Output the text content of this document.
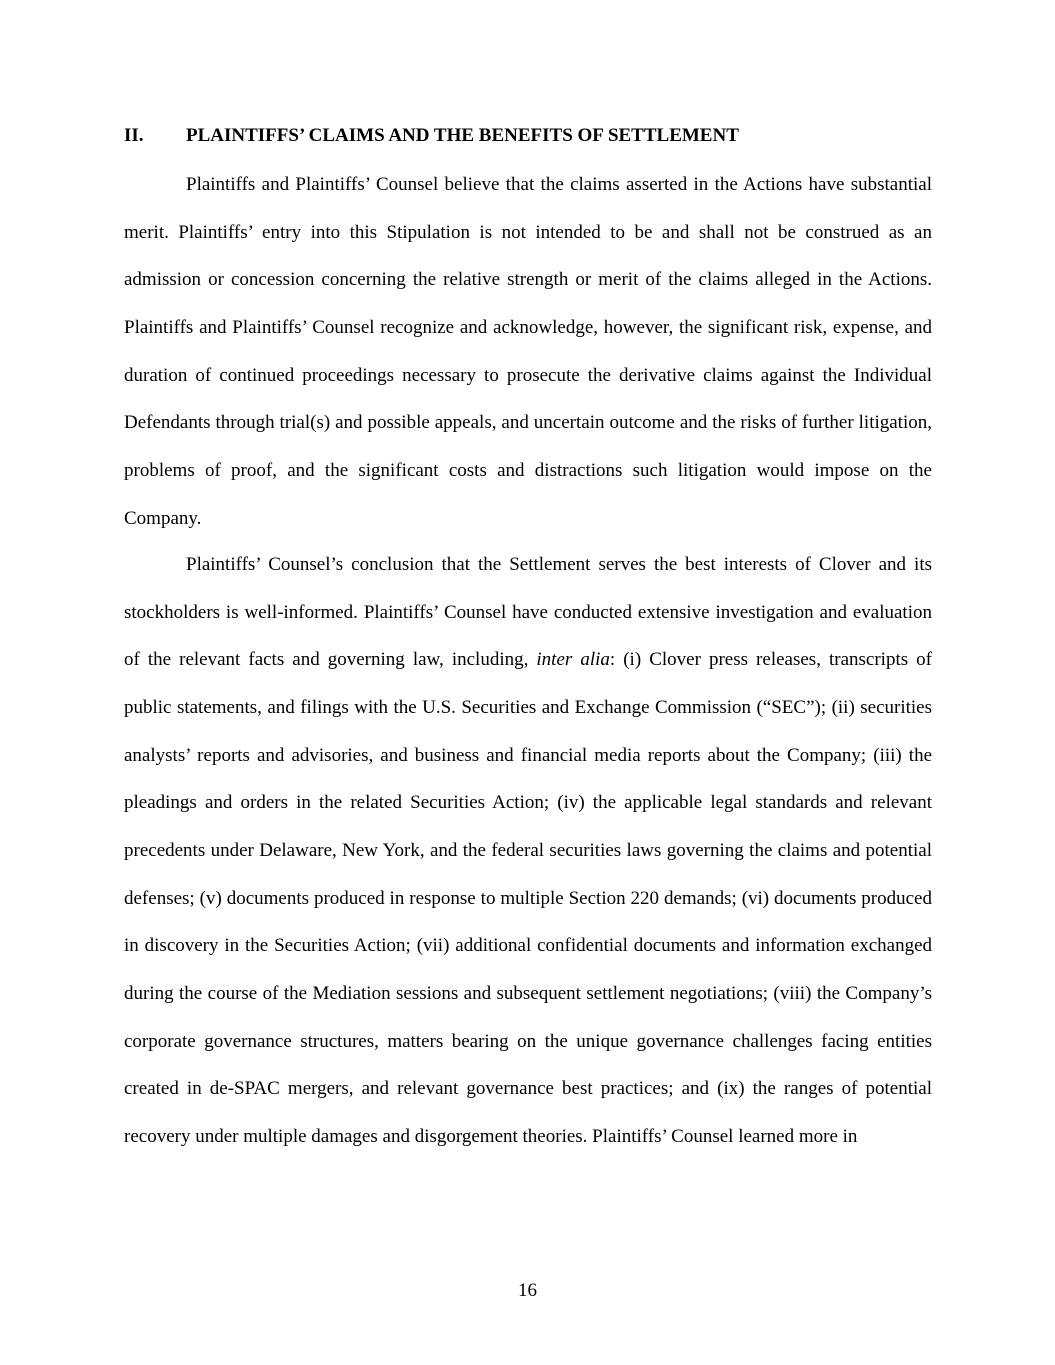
II. PLAINTIFFS’ CLAIMS AND THE BENEFITS OF SETTLEMENT

Plaintiffs and Plaintiffs’ Counsel believe that the claims asserted in the Actions have substantial merit. Plaintiffs’ entry into this Stipulation is not intended to be and shall not be construed as an admission or concession concerning the relative strength or merit of the claims alleged in the Actions. Plaintiffs and Plaintiffs’ Counsel recognize and acknowledge, however, the significant risk, expense, and duration of continued proceedings necessary to prosecute the derivative claims against the Individual Defendants through trial(s) and possible appeals, and uncertain outcome and the risks of further litigation, problems of proof, and the significant costs and distractions such litigation would impose on the Company.

Plaintiffs’ Counsel’s conclusion that the Settlement serves the best interests of Clover and its stockholders is well-informed. Plaintiffs’ Counsel have conducted extensive investigation and evaluation of the relevant facts and governing law, including, inter alia: (i) Clover press releases, transcripts of public statements, and filings with the U.S. Securities and Exchange Commission (“SEC”); (ii) securities analysts’ reports and advisories, and business and financial media reports about the Company; (iii) the pleadings and orders in the related Securities Action; (iv) the applicable legal standards and relevant precedents under Delaware, New York, and the federal securities laws governing the claims and potential defenses; (v) documents produced in response to multiple Section 220 demands; (vi) documents produced in discovery in the Securities Action; (vii) additional confidential documents and information exchanged during the course of the Mediation sessions and subsequent settlement negotiations; (viii) the Company’s corporate governance structures, matters bearing on the unique governance challenges facing entities created in de-SPAC mergers, and relevant governance best practices; and (ix) the ranges of potential recovery under multiple damages and disgorgement theories. Plaintiffs’ Counsel learned more in

16
